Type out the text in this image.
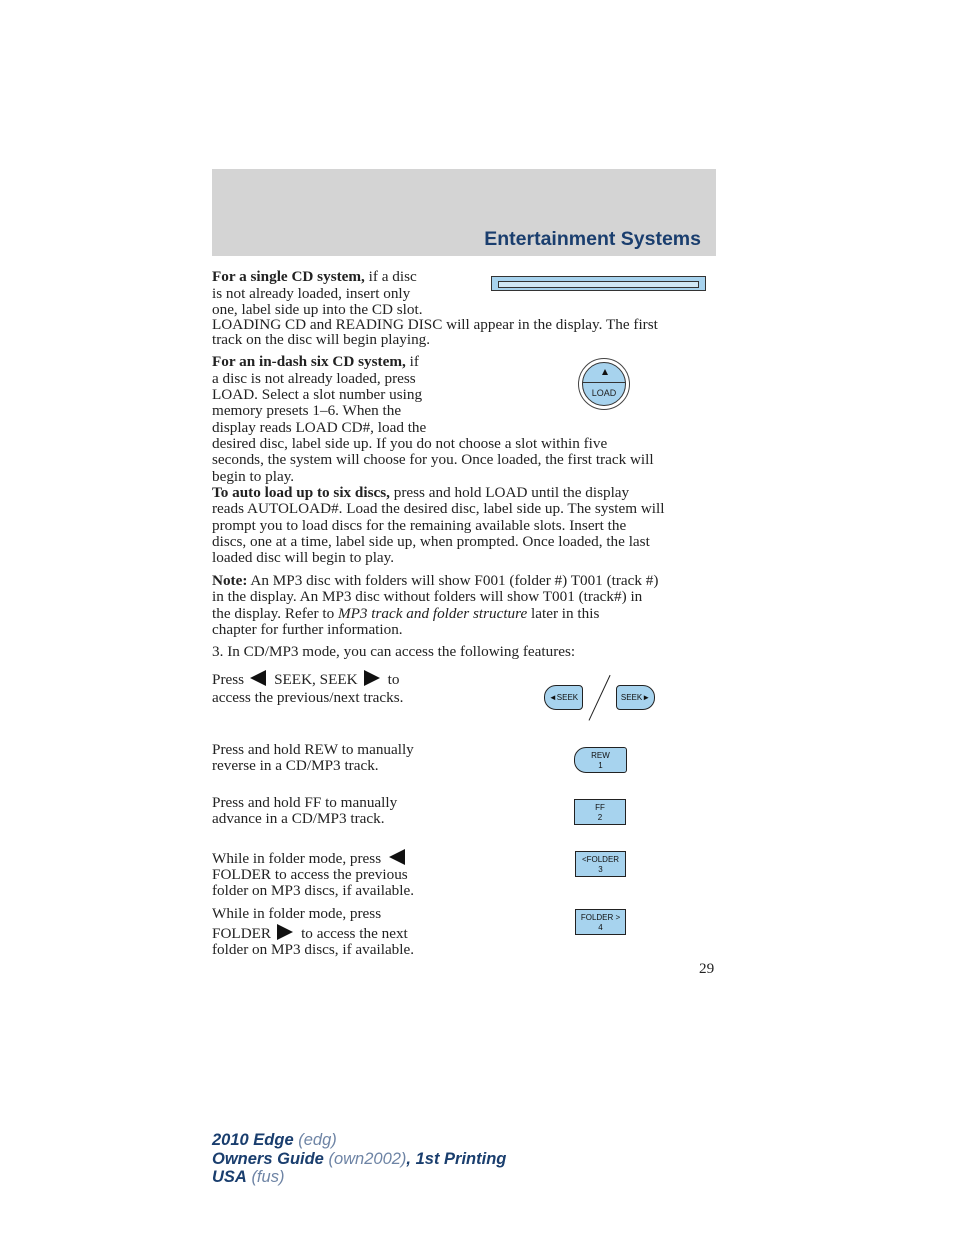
Entertainment Systems
For a single CD system, if a disc
is not already loaded, insert only
one, label side up into the CD slot.
LOADING CD and READING DISC will appear in the display. The first
track on the disc will begin playing.
For an in-dash six CD system, if
a disc is not already loaded, press
LOAD. Select a slot number using
memory presets 1–6. When the
display reads LOAD CD#, load the
desired disc, label side up. If you do not choose a slot within five
seconds, the system will choose for you. Once loaded, the first track will
begin to play.
LOAD
To auto load up to six discs, press and hold LOAD until the display
reads AUTOLOAD#. Load the desired disc, label side up. The system will
prompt you to load discs for the remaining available slots. Insert the
discs, one at a time, label side up, when prompted. Once loaded, the last
loaded disc will begin to play.
Note: An MP3 disc with folders will show F001 (folder #) T001 (track #)
in the display. An MP3 disc without folders will show T001 (track#) in
the display. Refer to MP3 track and folder structure later in this
chapter for further information.
3. In CD/MP3 mode, you can access the following features:
Press SEEK, SEEK to
access the previous/next tracks.	◄SEEK	SEEK►
Press and hold REW to manually
reverse in a CD/MP3 track.
REW
1
Press and hold FF to manually
advance in a CD/MP3 track.
FF
2
While in folder mode, press
FOLDER to access the previous
folder on MP3 discs, if available.
<FOLDER
3
While in folder mode, press
FOLDER to access the next
folder on MP3 discs, if available.
FOLDER >
4
29
2010 Edge (edg)
Owners Guide (own2002), 1st Printing
USA (fus)
